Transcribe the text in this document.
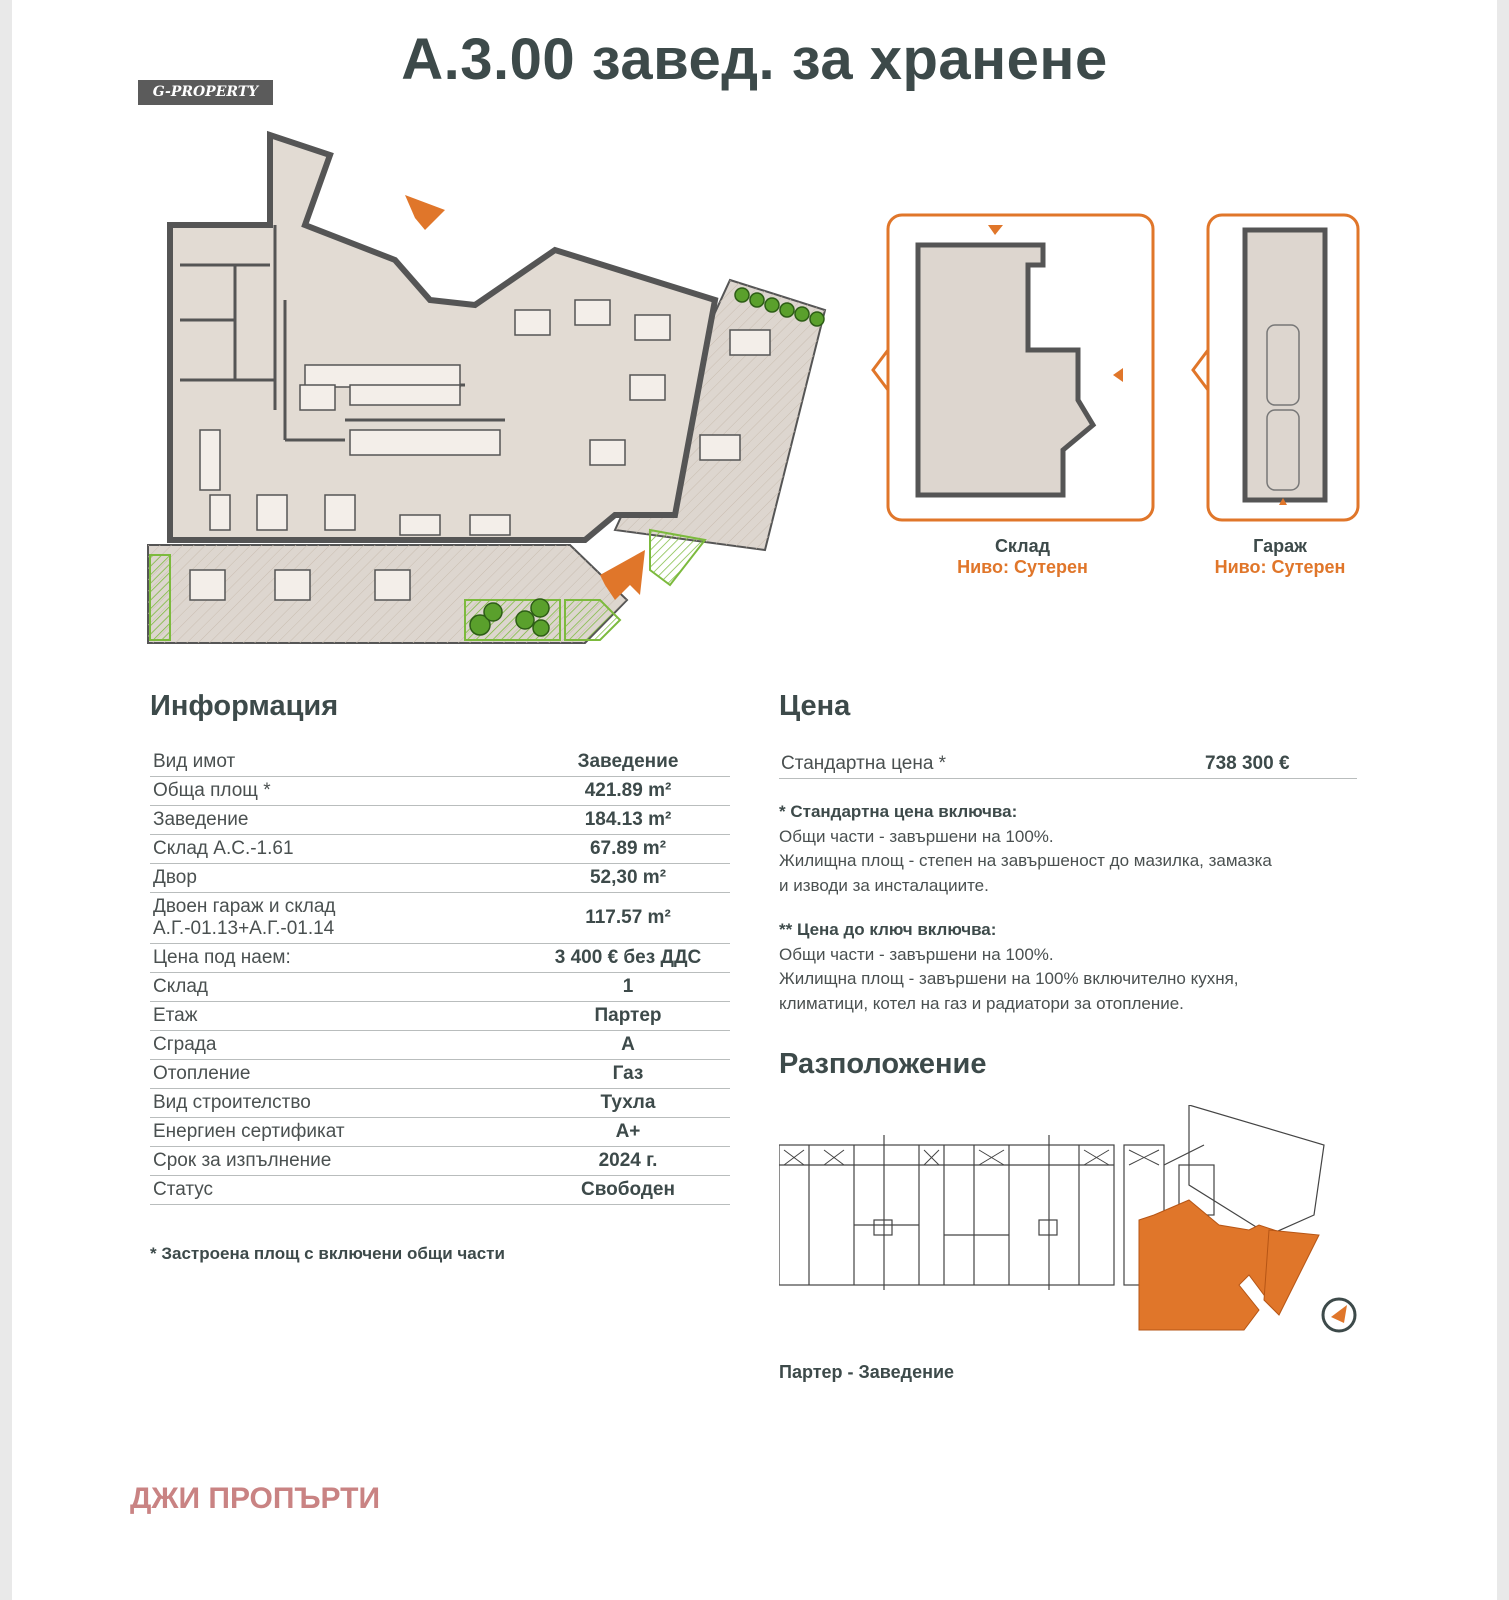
А.3.00 завед. за хранене
G-PROPERTY
Склад
Ниво: Сутерен
Гараж
Ниво: Сутерен
Информация
Вид имот	Заведение
Обща площ *	421.89 m²
Заведение	184.13 m²
Склад А.С.-1.61	67.89 m²
Двор	52,30 m²
Двоен гараж и склад
А.Г.-01.13+А.Г.-01.14	117.57 m²
Цена под наем:	3 400 € без ДДС
Склад	1
Етаж	Партер
Сграда	А
Отопление	Газ
Вид строителство	Тухла
Енергиен сертификат	А+
Срок за изпълнение	2024 г.
Статус	Свободен
* Застроена площ с включени общи части
Цена
Стандартна цена *	738 300 €
* Стандартна цена включва:
Общи части - завършени на 100%.
Жилищна площ - степен на завършеност до мазилка, замазка
и изводи за инсталациите.
** Цена до ключ включва:
Общи части - завършени на 100%.
Жилищна площ - завършени на 100% включително кухня,
климатици, котел на газ и радиатори за отопление.
Разположение
Партер - Заведение
ДЖИ ПРОПЪРТИ
